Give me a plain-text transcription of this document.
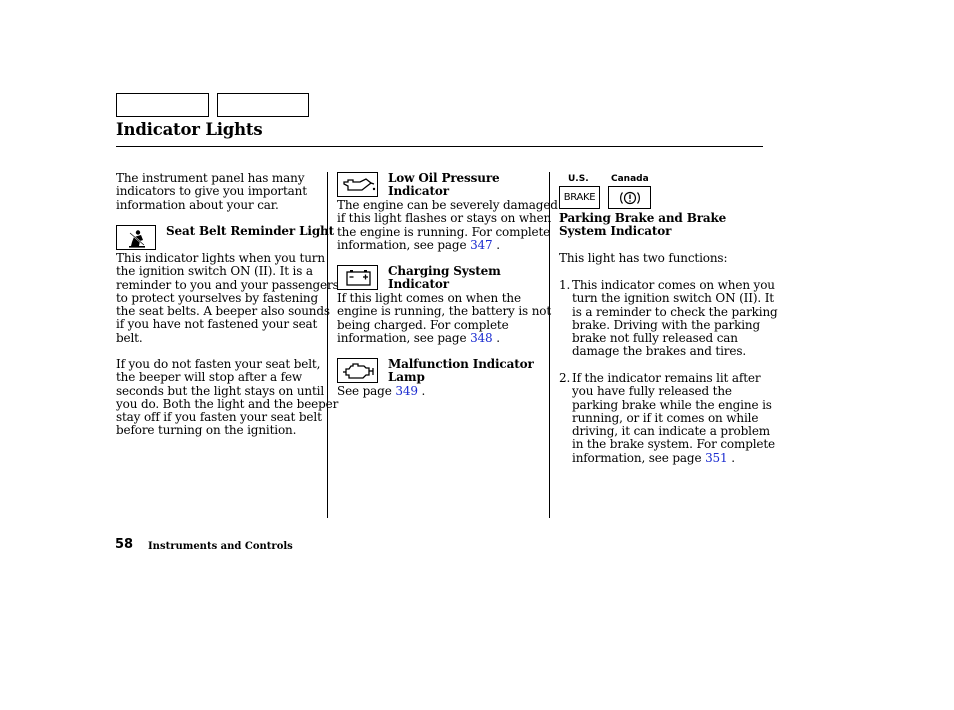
Indicator Lights
The instrument panel has many
indicators to give you important
information about your car.
Seat Belt Reminder Light
This indicator lights when you turn
the ignition switch ON (II). It is a
reminder to you and your passengers
to protect yourselves by fastening
the seat belts. A beeper also sounds
if you have not fastened your seat
belt.
If you do not fasten your seat belt,
the beeper will stop after a few
seconds but the light stays on until
you do. Both the light and the beeper
stay off if you fasten your seat belt
before turning on the ignition.
Low Oil Pressure
Indicator
The engine can be severely damaged
if this light flashes or stays on when
the engine is running. For complete
information, see page 347 .
Charging System
Indicator
If this light comes on when the
engine is running, the battery is not
being charged. For complete
information, see page 348 .
Malfunction Indicator
Lamp
See page 349 .
U.S. Canada
BRAKE
Parking Brake and Brake
System Indicator
This light has two functions:
1. This indicator comes on when you
turn the ignition switch ON (II). It
is a reminder to check the parking
brake. Driving with the parking
brake not fully released can
damage the brakes and tires.
2. If the indicator remains lit after
you have fully released the
parking brake while the engine is
running, or if it comes on while
driving, it can indicate a problem
in the brake system. For complete
information, see page 351 .
58 Instruments and Controls
